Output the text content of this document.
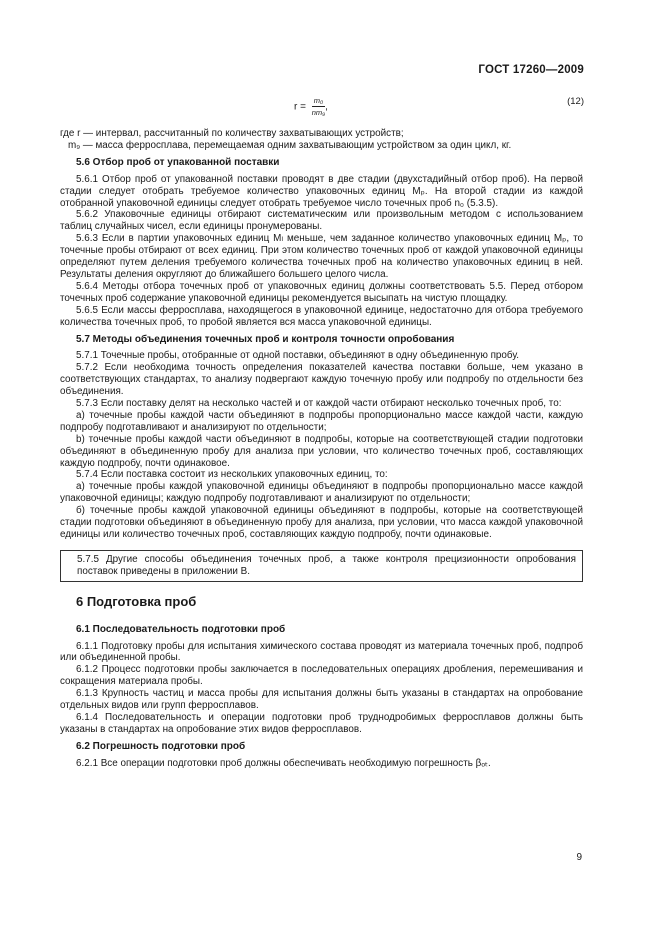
ГОСТ 17260—2009
$r = \frac{\text{m₀}}{\text{nm₉}}$ ,
(12)

где r — интервал, рассчитанный по количеству захватывающих устройств;

m₉ — масса ферросплава, перемещаемая одним захватывающим устройством за один цикл, кг.

5.6 Отбор проб от упакованной поставки

5.6.1 Отбор проб от упакованной поставки проводят в две стадии (двухстадийный отбор проб). На первой стадии следует отобрать требуемое количество упаковочных единиц Mₚ. На второй стадии из каждой отобранной упаковочной единицы следует отобрать требуемое число точечных проб n₀ (5.3.5).

5.6.2 Упаковочные единицы отбирают систематическим или произвольным методом с использованием таблиц случайных чисел, если единицы пронумерованы.

5.6.3 Если в партии упаковочных единиц Mₗ меньше, чем заданное количество упаковочных единиц Mₚ, то точечные пробы отбирают от всех единиц. При этом количество точечных проб от каждой упаковочной единицы определяют путем деления требуемого количества точечных проб на количество упаковочных единиц в ней. Результаты деления округляют до ближайшего большего целого числа.

5.6.4 Методы отбора точечных проб от упаковочных единиц должны соответствовать 5.5. Перед отбором точечных проб содержание упаковочной единицы рекомендуется высыпать на чистую площадку.

5.6.5 Если массы ферросплава, находящегося в упаковочной единице, недостаточно для отбора требуемого количества точечных проб, то пробой является вся масса упаковочной единицы.

5.7 Методы объединения точечных проб и контроля точности опробования

5.7.1 Точечные пробы, отобранные от одной поставки, объединяют в одну объединенную пробу.

5.7.2 Если необходима точность определения показателей качества поставки больше, чем указано в соответствующих стандартах, то анализу подвергают каждую точечную пробу или подпробу по отдельности без объединения.

5.7.3 Если поставку делят на несколько частей и от каждой части отбирают несколько точечных проб, то:

а) точечные пробы каждой части объединяют в подпробы пропорционально массе каждой части, каждую подпробу подготавливают и анализируют по отдельности;

b) точечные пробы каждой части объединяют в подпробы, которые на соответствующей стадии подготовки объединяют в объединенную пробу для анализа при условии, что количество точечных проб, составляющих каждую подпробу, почти одинаковое.

5.7.4 Если поставка состоит из нескольких упаковочных единиц, то:

а) точечные пробы каждой упаковочной единицы объединяют в подпробы пропорционально массе каждой упаковочной единицы; каждую подпробу подготавливают и анализируют по отдельности;

б) точечные пробы каждой упаковочной единицы объединяют в подпробы, которые на соответствующей стадии подготовки объединяют в объединенную пробу для анализа, при условии, что масса каждой упаковочной единицы или количество точечных проб, составляющих каждую подпробу, почти одинаковые.

5.7.5 Другие способы объединения точечных проб, а также контроля прецизионности опробования поставок приведены в приложении В.

6 Подготовка проб
6.1 Последовательность подготовки проб

6.1.1 Подготовку пробы для испытания химического состава проводят из материала точечных проб, подпроб или объединенной пробы.

6.1.2 Процесс подготовки пробы заключается в последовательных операциях дробления, перемешивания и сокращения материала пробы.

6.1.3 Крупность частиц и масса пробы для испытания должны быть указаны в стандартах на опробование отдельных видов или групп ферросплавов.

6.1.4 Последовательность и операции подготовки проб труднодробимых ферросплавов должны быть указаны в стандартах на опробование этих видов ферросплавов.

6.2 Погрешность подготовки проб

6.2.1 Все операции подготовки проб должны обеспечивать необходимую погрешность βₒₜ.

9
